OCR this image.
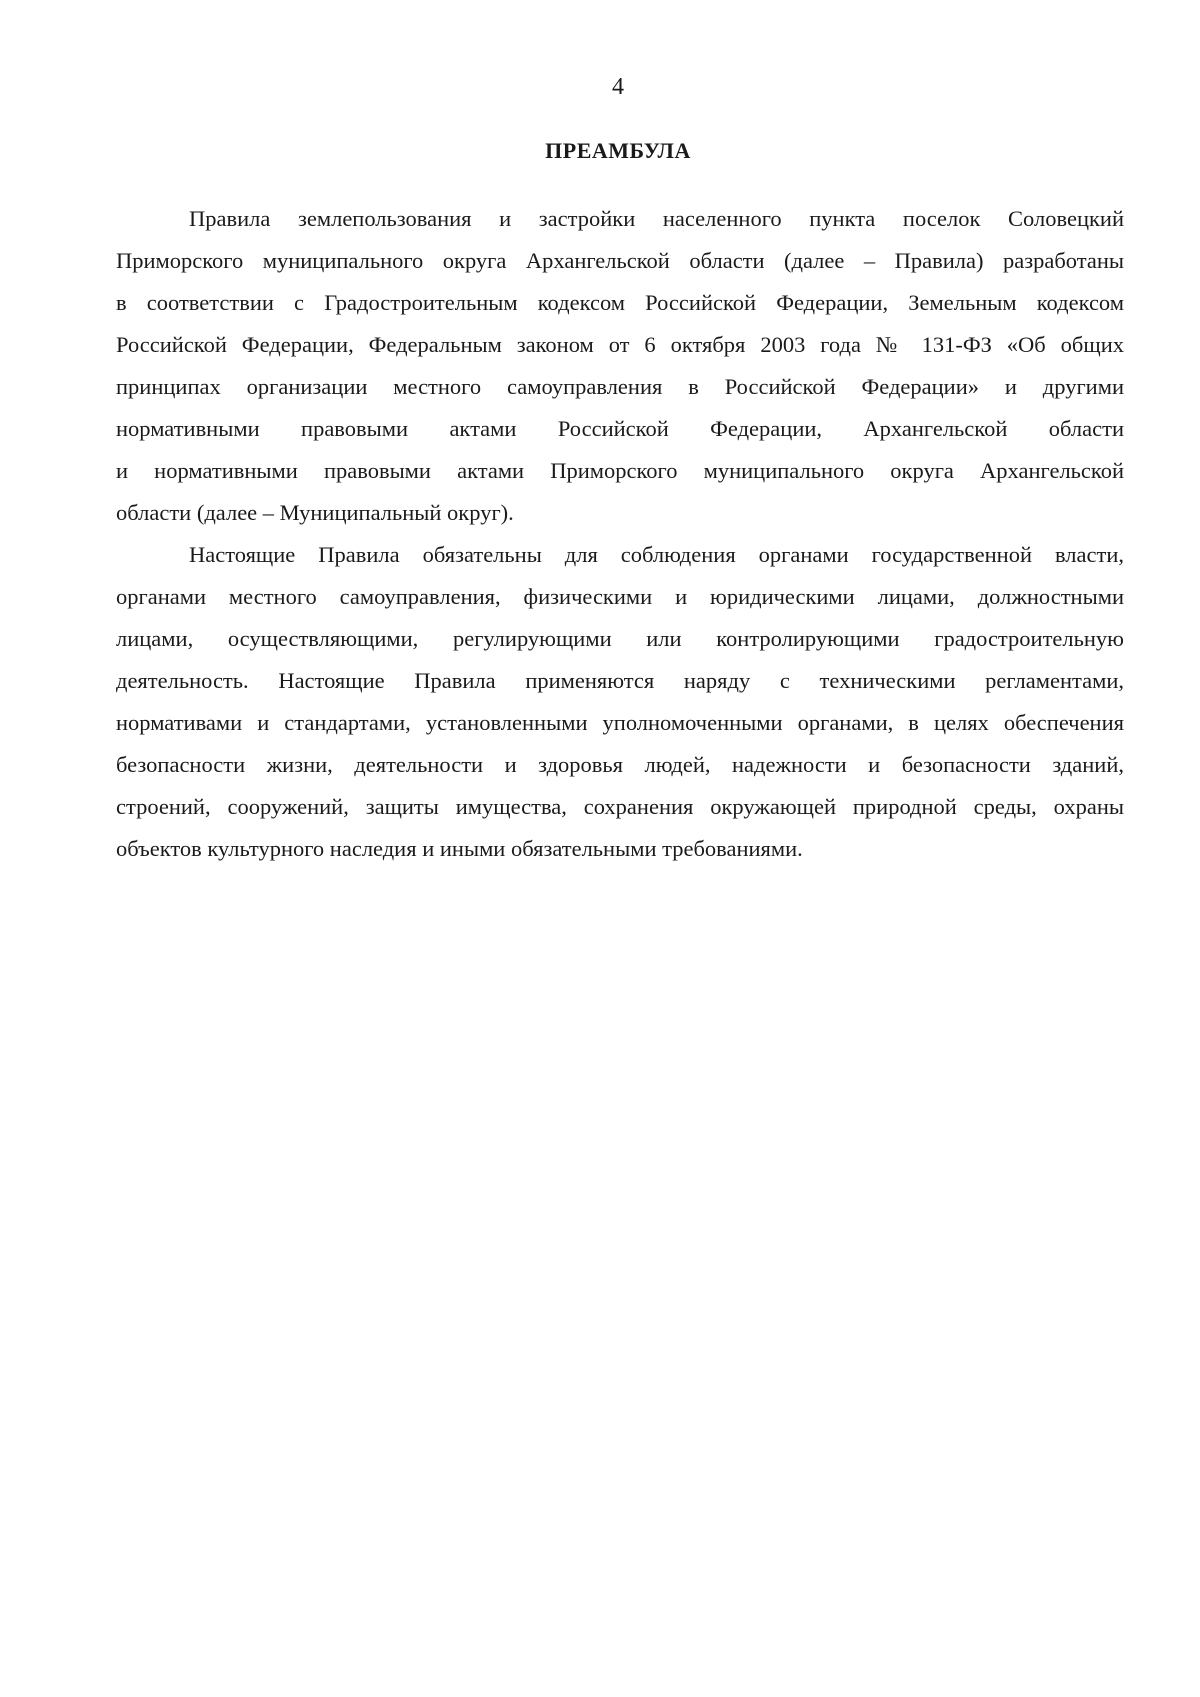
4
ПРЕАМБУЛА
Правила землепользования и застройки населенного пункта поселок Соловецкий
Приморского муниципального округа Архангельской области (далее – Правила) разработаны
в соответствии с Градостроительным кодексом Российской Федерации, Земельным кодексом
Российской Федерации, Федеральным законом от 6 октября 2003 года № 131-ФЗ «Об общих
принципах организации местного самоуправления в Российской Федерации» и другими
нормативными правовыми актами Российской Федерации, Архангельской области
и нормативными правовыми актами Приморского муниципального округа Архангельской
области (далее – Муниципальный округ).
Настоящие Правила обязательны для соблюдения органами государственной власти,
органами местного самоуправления, физическими и юридическими лицами, должностными
лицами, осуществляющими, регулирующими или контролирующими градостроительную
деятельность. Настоящие Правила применяются наряду с техническими регламентами,
нормативами и стандартами, установленными уполномоченными органами, в целях обеспечения
безопасности жизни, деятельности и здоровья людей, надежности и безопасности зданий,
строений, сооружений, защиты имущества, сохранения окружающей природной среды, охраны
объектов культурного наследия и иными обязательными требованиями.
